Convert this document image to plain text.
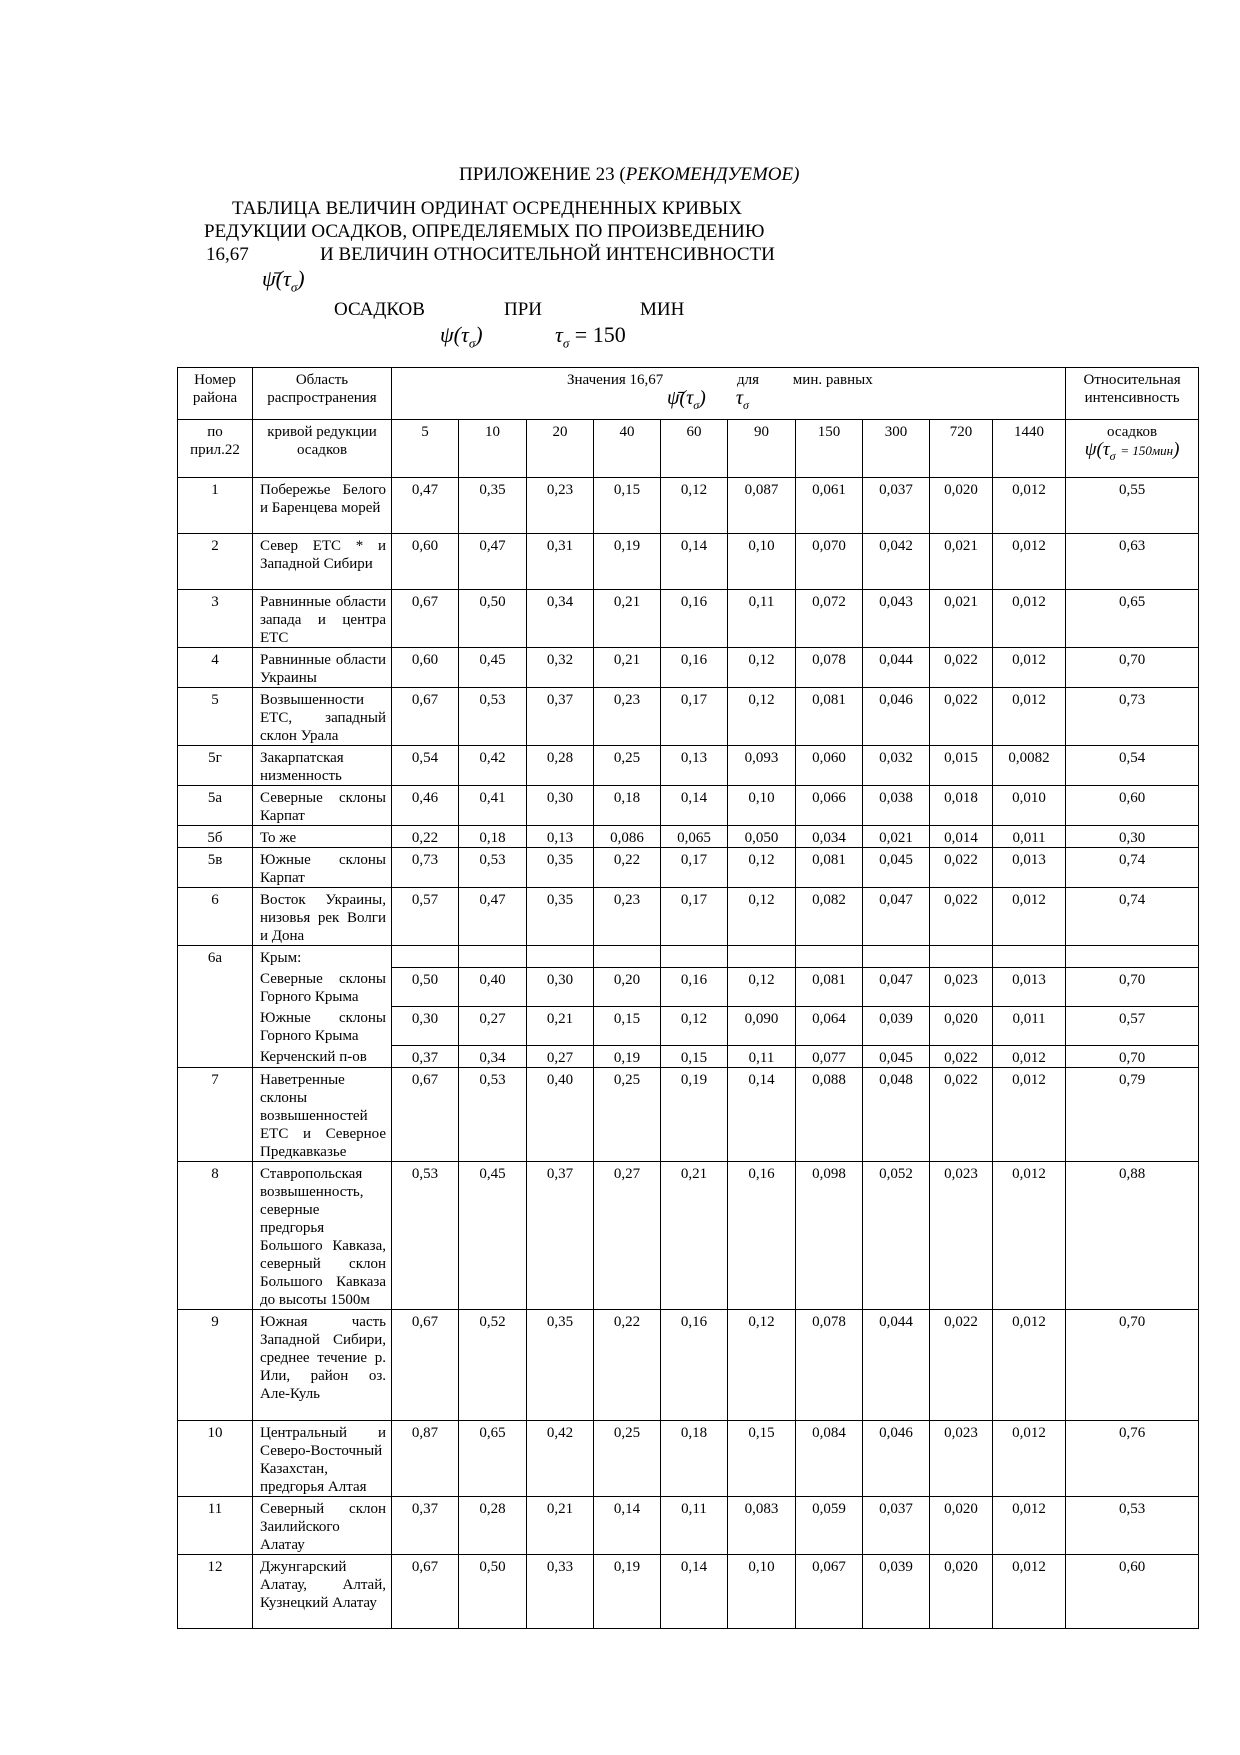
ПРИЛОЖЕНИЕ 23 (РЕКОМЕНДУЕМОЕ)
ТАБЛИЦА ВЕЛИЧИН ОРДИНАТ ОСРЕДНЕННЫХ КРИВЫХ
РЕДУКЦИИ ОСАДКОВ, ОПРЕДЕЛЯЕМЫХ ПО ПРОИЗВЕДЕНИЮ
16,67	И ВЕЛИЧИН ОТНОСИТЕЛЬНОЙ ИНТЕНСИВНОСТИ
$\psī(\tau_\sigma)$
ОСАДКОВ	ПРИ	МИН
$\psi(\tau_\sigma)$	$\tau_\sigma = 150$
Номер района	Область распространения	Значения 16,67 для мин. равных
$\psī(\tau_\sigma)$      $\tau_\sigma$										Относительная интенсивность
по прил.22	кривой редукции осадков	5	10	20	40	60	90	150	300	720	1440	осадков
$\psi(\tau_\sigma = 150мин)$

1	Побережье Белого и Баренцева морей	0,47	0,35	0,23	0,15	0,12	0,087	0,061	0,037	0,020	0,012	0,55
2	Север ЕТС * и Западной Сибири	0,60	0,47	0,31	0,19	0,14	0,10	0,070	0,042	0,021	0,012	0,63
3	Равнинные области запада и центра ЕТС	0,67	0,50	0,34	0,21	0,16	0,11	0,072	0,043	0,021	0,012	0,65
4	Равнинные области Украины	0,60	0,45	0,32	0,21	0,16	0,12	0,078	0,044	0,022	0,012	0,70
5	Возвышенности ЕТС, западный склон Урала	0,67	0,53	0,37	0,23	0,17	0,12	0,081	0,046	0,022	0,012	0,73
5г	Закарпатская низменность	0,54	0,42	0,28	0,25	0,13	0,093	0,060	0,032	0,015	0,0082	0,54
5а	Северные склоны Карпат	0,46	0,41	0,30	0,18	0,14	0,10	0,066	0,038	0,018	0,010	0,60
5б	То же	0,22	0,18	0,13	0,086	0,065	0,050	0,034	0,021	0,014	0,011	0,30
5в	Южные склоны Карпат	0,73	0,53	0,35	0,22	0,17	0,12	0,081	0,045	0,022	0,013	0,74
6	Восток Украины, низовья рек Волги и Дона	0,57	0,47	0,35	0,23	0,17	0,12	0,082	0,047	0,022	0,012	0,74
6а	Крым:											
	Северные склоны Горного Крыма	0,50	0,40	0,30	0,20	0,16	0,12	0,081	0,047	0,023	0,013	0,70
	Южные склоны Горного Крыма	0,30	0,27	0,21	0,15	0,12	0,090	0,064	0,039	0,020	0,011	0,57
	Керченский п-ов	0,37	0,34	0,27	0,19	0,15	0,11	0,077	0,045	0,022	0,012	0,70
7	Наветренные склоны возвышенностей ЕТС и Северное Предкавказье	0,67	0,53	0,40	0,25	0,19	0,14	0,088	0,048	0,022	0,012	0,79
8	Ставропольская возвышенность, северные предгорья Большого Кавказа, северный склон Большого Кавказа до высоты 1500м	0,53	0,45	0,37	0,27	0,21	0,16	0,098	0,052	0,023	0,012	0,88
9	Южная часть Западной Сибири, среднее течение р. Или, район оз. Але-Куль	0,67	0,52	0,35	0,22	0,16	0,12	0,078	0,044	0,022	0,012	0,70
10	Центральный и Северо-Восточный Казахстан, предгорья Алтая	0,87	0,65	0,42	0,25	0,18	0,15	0,084	0,046	0,023	0,012	0,76
11	Северный склон Заилийского Алатау	0,37	0,28	0,21	0,14	0,11	0,083	0,059	0,037	0,020	0,012	0,53
12	Джунгарский Алатау, Алтай, Кузнецкий Алатау	0,67	0,50	0,33	0,19	0,14	0,10	0,067	0,039	0,020	0,012	0,60
